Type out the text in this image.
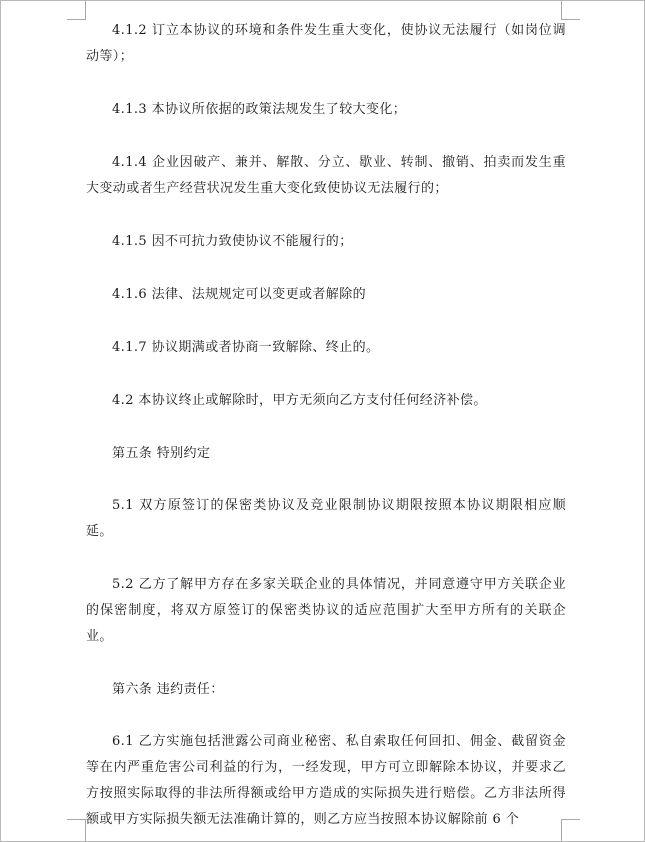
4.1.2 订立本协议的环境和条件发生重大变化，使协议无法履行（如岗位调动等）；

4.1.3 本协议所依据的政策法规发生了较大变化；

4.1.4 企业因破产、兼并、解散、分立、歇业、转制、撤销、拍卖而发生重大变动或者生产经营状况发生重大变化致使协议无法履行的；

4.1.5 因不可抗力致使协议不能履行的；

4.1.6 法律、法规规定可以变更或者解除的

4.1.7 协议期满或者协商一致解除、终止的。

4.2 本协议终止或解除时，甲方无须向乙方支付任何经济补偿。

第五条 特别约定

5.1 双方原签订的保密类协议及竞业限制协议期限按照本协议期限相应顺延。

5.2 乙方了解甲方存在多家关联企业的具体情况，并同意遵守甲方关联企业的保密制度，将双方原签订的保密类协议的适应范围扩大至甲方所有的关联企业。

第六条 违约责任：

6.1 乙方实施包括泄露公司商业秘密、私自索取任何回扣、佣金、截留资金等在内严重危害公司利益的行为，一经发现，甲方可立即解除本协议，并要求乙方按照实际取得的非法所得额或给甲方造成的实际损失进行赔偿。乙方非法所得额或甲方实际损失额无法准确计算的，则乙方应当按照本协议解除前 6 个
